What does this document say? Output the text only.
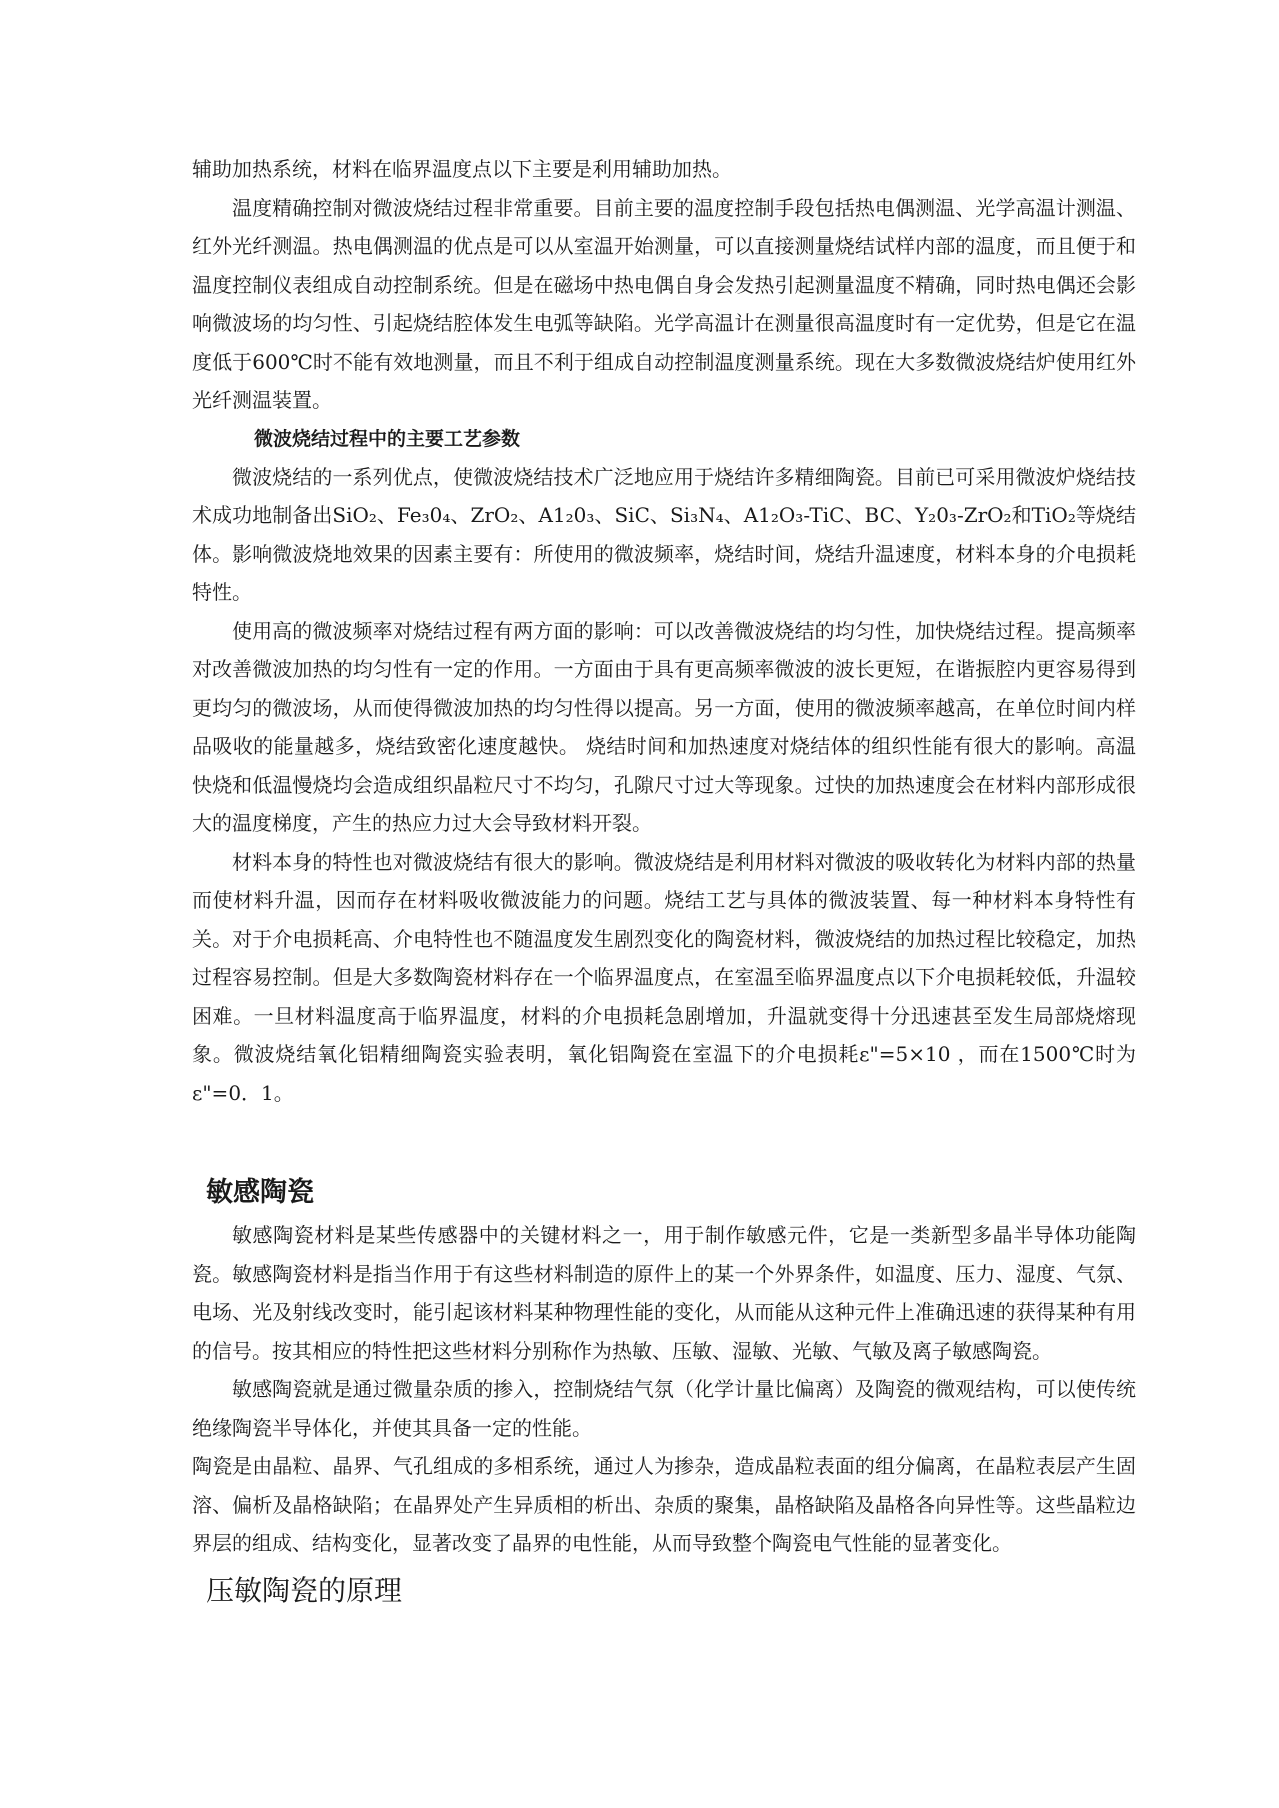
辅助加热系统，材料在临界温度点以下主要是利用辅助加热。

温度精确控制对微波烧结过程非常重要。目前主要的温度控制手段包括热电偶测温、光学高温计测温、红外光纤测温。热电偶测温的优点是可以从室温开始测量，可以直接测量烧结试样内部的温度，而且便于和温度控制仪表组成自动控制系统。但是在磁场中热电偶自身会发热引起测量温度不精确，同时热电偶还会影响微波场的均匀性、引起烧结腔体发生电弧等缺陷。光学高温计在测量很高温度时有一定优势，但是它在温度低于600℃时不能有效地测量，而且不利于组成自动控制温度测量系统。现在大多数微波烧结炉使用红外光纤测温装置。

微波烧结过程中的主要工艺参数

微波烧结的一系列优点，使微波烧结技术广泛地应用于烧结许多精细陶瓷。目前已可采用微波炉烧结技术成功地制备出SiO₂、Fe₃0₄、ZrO₂、A1₂0₃、SiC、Si₃N₄、A1₂O₃-TiC、BC、Y₂0₃-ZrO₂和TiO₂等烧结体。影响微波烧地效果的因素主要有：所使用的微波频率，烧结时间，烧结升温速度，材料本身的介电损耗特性。

使用高的微波频率对烧结过程有两方面的影响：可以改善微波烧结的均匀性，加快烧结过程。提高频率对改善微波加热的均匀性有一定的作用。一方面由于具有更高频率微波的波长更短，在谐振腔内更容易得到更均匀的微波场，从而使得微波加热的均匀性得以提高。另一方面，使用的微波频率越高，在单位时间内样品吸收的能量越多，烧结致密化速度越快。 烧结时间和加热速度对烧结体的组织性能有很大的影响。高温快烧和低温慢烧均会造成组织晶粒尺寸不均匀，孔隙尺寸过大等现象。过快的加热速度会在材料内部形成很大的温度梯度，产生的热应力过大会导致材料开裂。

材料本身的特性也对微波烧结有很大的影响。微波烧结是利用材料对微波的吸收转化为材料内部的热量而使材料升温，因而存在材料吸收微波能力的问题。烧结工艺与具体的微波装置、每一种材料本身特性有关。对于介电损耗高、介电特性也不随温度发生剧烈变化的陶瓷材料，微波烧结的加热过程比较稳定，加热过程容易控制。但是大多数陶瓷材料存在一个临界温度点，在室温至临界温度点以下介电损耗较低，升温较困难。一旦材料温度高于临界温度，材料的介电损耗急剧增加，升温就变得十分迅速甚至发生局部烧熔现象。微波烧结氧化铝精细陶瓷实验表明，氧化铝陶瓷在室温下的介电损耗ε"=5×10 ，而在1500℃时为ε"=0．1。

敏感陶瓷

敏感陶瓷材料是某些传感器中的关键材料之一，用于制作敏感元件，它是一类新型多晶半导体功能陶瓷。敏感陶瓷材料是指当作用于有这些材料制造的原件上的某一个外界条件，如温度、压力、湿度、气氛、电场、光及射线改变时，能引起该材料某种物理性能的变化，从而能从这种元件上准确迅速的获得某种有用的信号。按其相应的特性把这些材料分别称作为热敏、压敏、湿敏、光敏、气敏及离子敏感陶瓷。

敏感陶瓷就是通过微量杂质的掺入，控制烧结气氛（化学计量比偏离）及陶瓷的微观结构，可以使传统绝缘陶瓷半导体化，并使其具备一定的性能。

陶瓷是由晶粒、晶界、气孔组成的多相系统，通过人为掺杂，造成晶粒表面的组分偏离，在晶粒表层产生固溶、偏析及晶格缺陷；在晶界处产生异质相的析出、杂质的聚集，晶格缺陷及晶格各向异性等。这些晶粒边界层的组成、结构变化，显著改变了晶界的电性能，从而导致整个陶瓷电气性能的显著变化。

压敏陶瓷的原理
